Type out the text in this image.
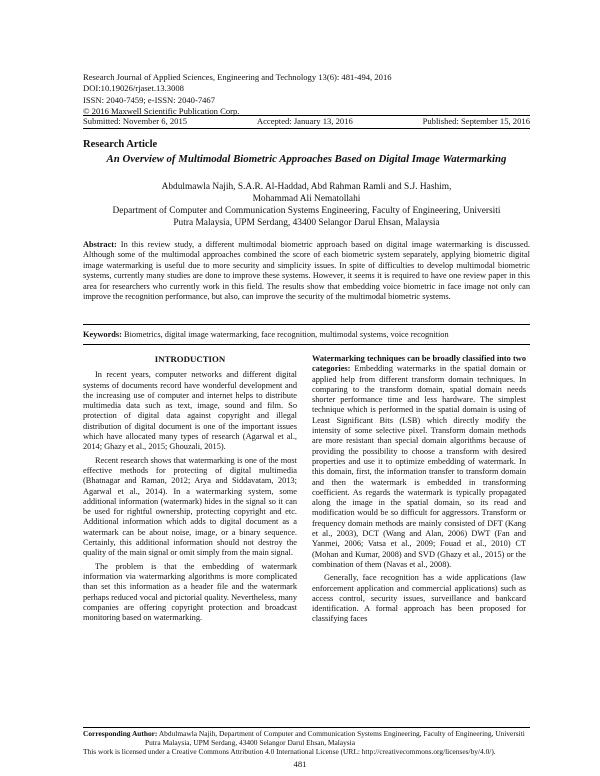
Research Journal of Applied Sciences, Engineering and Technology 13(6): 481-494, 2016
DOI:10.19026/rjaset.13.3008
ISSN: 2040-7459; e-ISSN: 2040-7467
© 2016 Maxwell Scientific Publication Corp.
Submitted: November 6, 2015	Accepted: January 13, 2016	Published: September 15, 2016
Research Article
An Overview of Multimodal Biometric Approaches Based on Digital Image Watermarking
Abdulmawla Najih, S.A.R. Al-Haddad, Abd Rahman Ramli and S.J. Hashim,
Mohammad Ali Nematollahi
Department of Computer and Communication Systems Engineering, Faculty of Engineering, Universiti
Putra Malaysia, UPM Serdang, 43400 Selangor Darul Ehsan, Malaysia
Abstract: In this review study, a different multimodal biometric approach based on digital image watermarking is discussed. Although some of the multimodal approaches combined the score of each biometric system separately, applying biometric digital image watermarking is useful due to more security and simplicity issues. In spite of difficulties to develop multimodal biometric systems, currently many studies are done to improve these systems. However, it seems it is required to have one review paper in this area for researchers who currently work in this field. The results show that embedding voice biometric in face image not only can improve the recognition performance, but also, can improve the security of the multimodal biometric systems.
Keywords: Biometrics, digital image watermarking, face recognition, multimodal systems, voice recognition
INTRODUCTION

In recent years, computer networks and different digital systems of documents record have wonderful development and the increasing use of computer and internet helps to distribute multimedia data such as text, image, sound and film. So protection of digital data against copyright and illegal distribution of digital document is one of the important issues which have allocated many types of research (Agarwal et al., 2014; Ghazy et al., 2015; Ghouzali, 2015).

Recent research shows that watermarking is one of the most effective methods for protecting of digital multimedia (Bhatnagar and Raman, 2012; Arya and Siddavatam, 2013; Agarwal et al., 2014). In a watermarking system, some additional information (watermark) hides in the signal so it can be used for rightful ownership, protecting copyright and etc. Additional information which adds to digital document as a watermark can be about noise, image, or a binary sequence. Certainly, this additional information should not destroy the quality of the main signal or omit simply from the main signal.

The problem is that the embedding of watermark information via watermarking algorithms is more complicated than set this information as a header file and the watermark perhaps reduced vocal and pictorial quality. Nevertheless, many companies are offering copyright protection and broadcast monitoring based on watermarking.

Watermarking techniques can be broadly classified into two categories: Embedding watermarks in the spatial domain or applied help from different transform domain techniques. In comparing to the transform domain, spatial domain needs shorter performance time and less hardware. The simplest technique which is performed in the spatial domain is using of Least Significant Bits (LSB) which directly modify the intensity of some selective pixel. Transform domain methods are more resistant than special domain algorithms because of providing the possibility to choose a transform with desired properties and use it to optimize embedding of watermark. In this domain, first, the information transfer to transform domain and then the watermark is embedded in transforming coefficient. As regards the watermark is typically propagated along the image in the spatial domain, so its read and modification would be so difficult for aggressors. Transform or frequency domain methods are mainly consisted of DFT (Kang et al., 2003), DCT (Wang and Alan, 2006) DWT (Fan and Yanmei, 2006; Vatsa et al., 2009; Fouad et al., 2010) CT (Mohan and Kumar, 2008) and SVD (Ghazy et al., 2015) or the combination of them (Navas et al., 2008).

Generally, face recognition has a wide applications (law enforcement application and commercial applications) such as access control, security issues, surveillance and bankcard identification. A formal approach has been proposed for classifying faces

Corresponding Author: Abdulmawla Najih, Department of Computer and Communication Systems Engineering, Faculty of Engineering, Universiti Putra Malaysia, UPM Serdang, 43400 Selangor Darul Ehsan, Malaysia
This work is licensed under a Creative Commons Attribution 4.0 International License (URL: http://creativecommons.org/licenses/by/4.0/).
481
